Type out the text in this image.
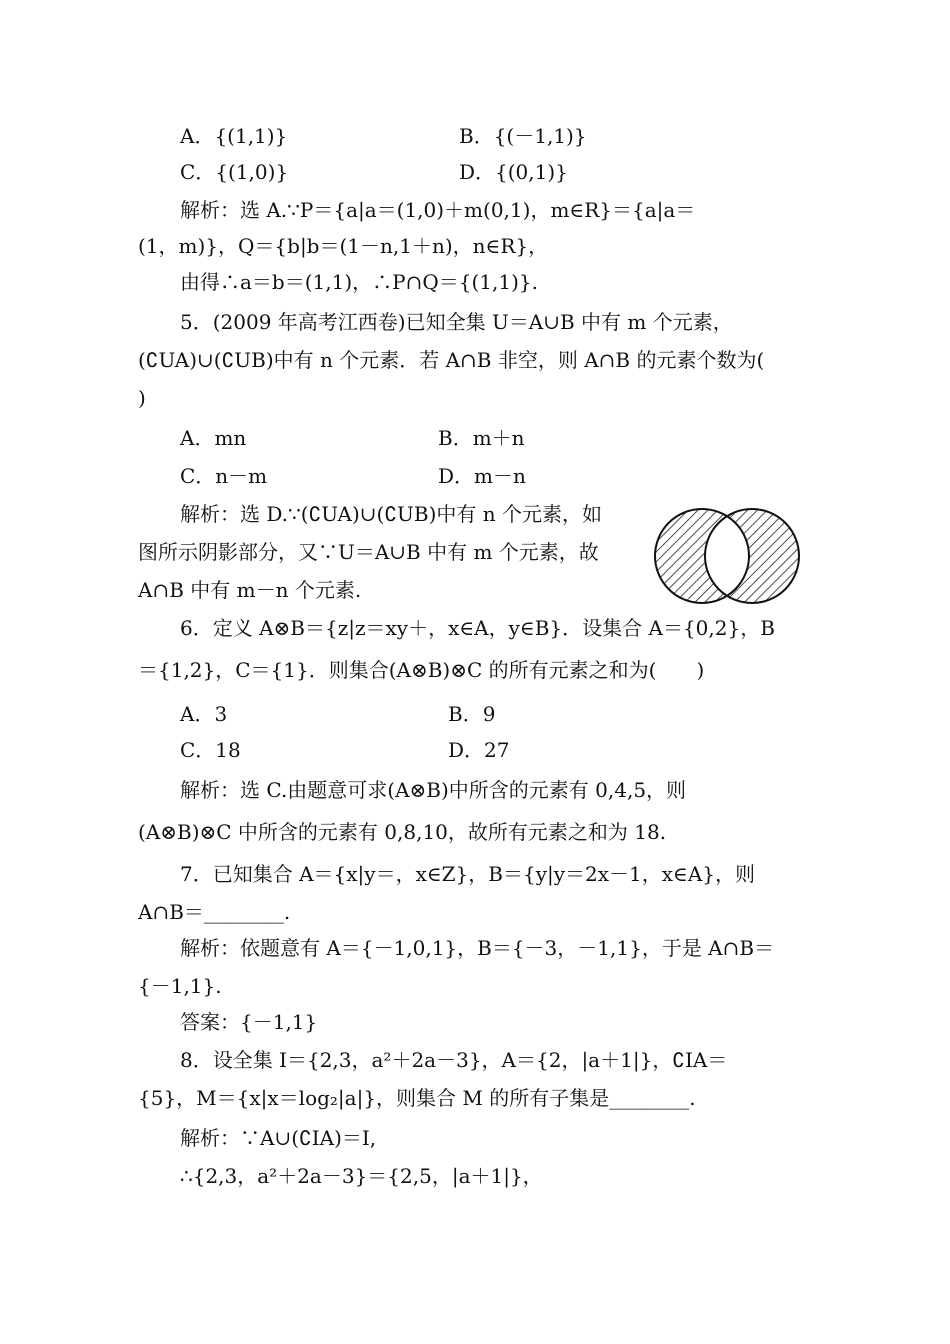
A．{(1,1)}	B．{(－1,1)}
C．{(1,0)}	D．{(0,1)}
解析：选 A.∵P＝{a|a＝(1,0)＋m(0,1)，m∈R}＝{a|a＝
(1，m)}，Q＝{b|b＝(1－n,1＋n)，n∈R}，
由得∴a＝b＝(1,1)，∴P∩Q＝{(1,1)}.
5．(2009 年高考江西卷)已知全集 U＝A∪B 中有 m 个元素，
(∁UA)∪(∁UB)中有 n 个元素．若 A∩B 非空，则 A∩B 的元素个数为(
)
A．mn	B．m＋n
C．n－m	D．m－n
解析：选 D.∵(∁UA)∪(∁UB)中有 n 个元素，如
图所示阴影部分，又∵U＝A∪B 中有 m 个元素，故
A∩B 中有 m－n 个元素.
6．定义 A⊗B＝{z|z＝xy＋，x∈A，y∈B}．设集合 A＝{0,2}，B
＝{1,2}，C＝{1}．则集合(A⊗B)⊗C 的所有元素之和为(　　)
A．3	B．9
C．18	D．27
解析：选 C.由题意可求(A⊗B)中所含的元素有 0,4,5，则
(A⊗B)⊗C 中所含的元素有 0,8,10，故所有元素之和为 18.
7．已知集合 A＝{x|y＝，x∈Z}，B＝{y|y＝2x－1，x∈A}，则
A∩B＝________.
解析：依题意有 A＝{－1,0,1}，B＝{－3，－1,1}，于是 A∩B＝
{－1,1}.
答案：{－1,1}
8．设全集 I＝{2,3，a²＋2a－3}，A＝{2，|a＋1|}，∁IA＝
{5}，M＝{x|x＝log₂|a|}，则集合 M 的所有子集是________.
解析：∵A∪(∁IA)＝I,
∴{2,3，a²＋2a－3}＝{2,5，|a＋1|}，
